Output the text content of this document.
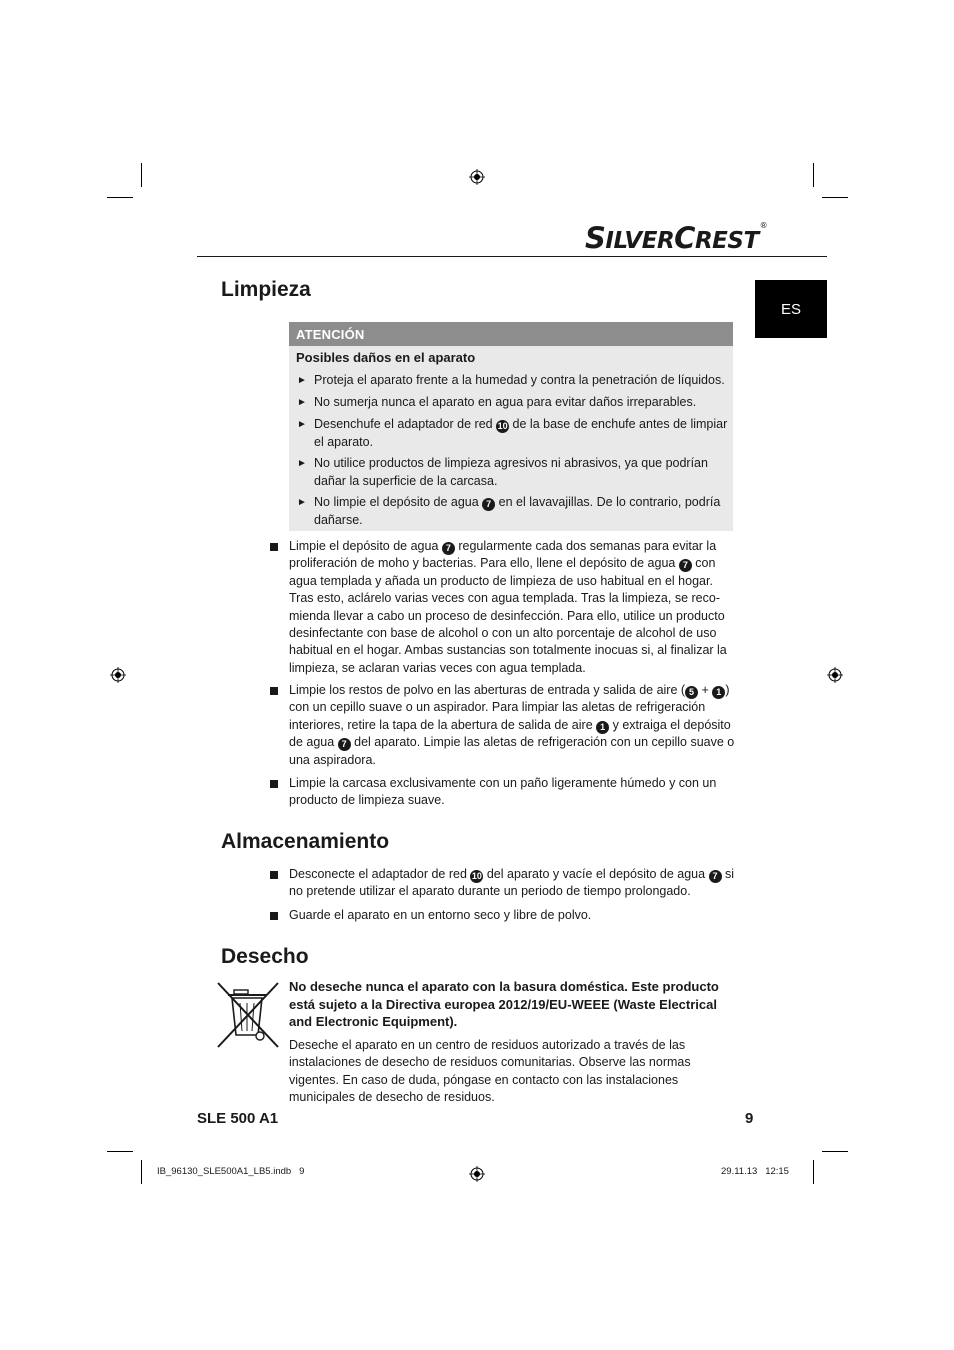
SILVERCREST®
ES
Limpieza
ATENCIÓN
Posibles daños en el aparato
► Proteja el aparato frente a la humedad y contra la penetración de líquidos.
► No sumerja nunca el aparato en agua para evitar daños irreparables.
► Desenchufe el adaptador de red 10 de la base de enchufe antes de limpiar el aparato.
► No utilice productos de limpieza agresivos ni abrasivos, ya que podrían dañar la superficie de la carcasa.
► No limpie el depósito de agua 7 en el lavavajillas. De lo contrario, podría dañarse.
Limpie el depósito de agua 7 regularmente cada dos semanas para evitar la proliferación de moho y bacterias. Para ello, llene el depósito de agua 7 con agua templada y añada un producto de limpieza de uso habitual en el hogar. Tras esto, aclárelo varias veces con agua templada. Tras la limpieza, se reco-mienda llevar a cabo un proceso de desinfección. Para ello, utilice un producto desinfectante con base de alcohol o con un alto porcentaje de alcohol de uso habitual en el hogar. Ambas sustancias son totalmente inocuas si, al finalizar la limpieza, se aclaran varias veces con agua templada.
Limpie los restos de polvo en las aberturas de entrada y salida de aire ( 5 + 1 ) con un cepillo suave o un aspirador. Para limpiar las aletas de refrigeración interiores, retire la tapa de la abertura de salida de aire 1 y extraiga el depósito de agua 7 del aparato. Limpie las aletas de refrigeración con un cepillo suave o una aspiradora.
Limpie la carcasa exclusivamente con un paño ligeramente húmedo y con un producto de limpieza suave.
Almacenamiento
Desconecte el adaptador de red 10 del aparato y vacíe el depósito de agua 7 si no pretende utilizar el aparato durante un periodo de tiempo prolongado.
Guarde el aparato en un entorno seco y libre de polvo.
Desecho
No deseche nunca el aparato con la basura doméstica. Este producto está sujeto a la Directiva europea 2012/19/EU-WEEE (Waste Electrical and Electronic Equipment).
Deseche el aparato en un centro de residuos autorizado a través de las instalaciones de desecho de residuos comunitarias. Observe las normas vigentes. En caso de duda, póngase en contacto con las instalaciones municipales de desecho de residuos.
SLE 500 A1	9
IB_96130_SLE500A1_LB5.indb   9	29.11.13   12:15
